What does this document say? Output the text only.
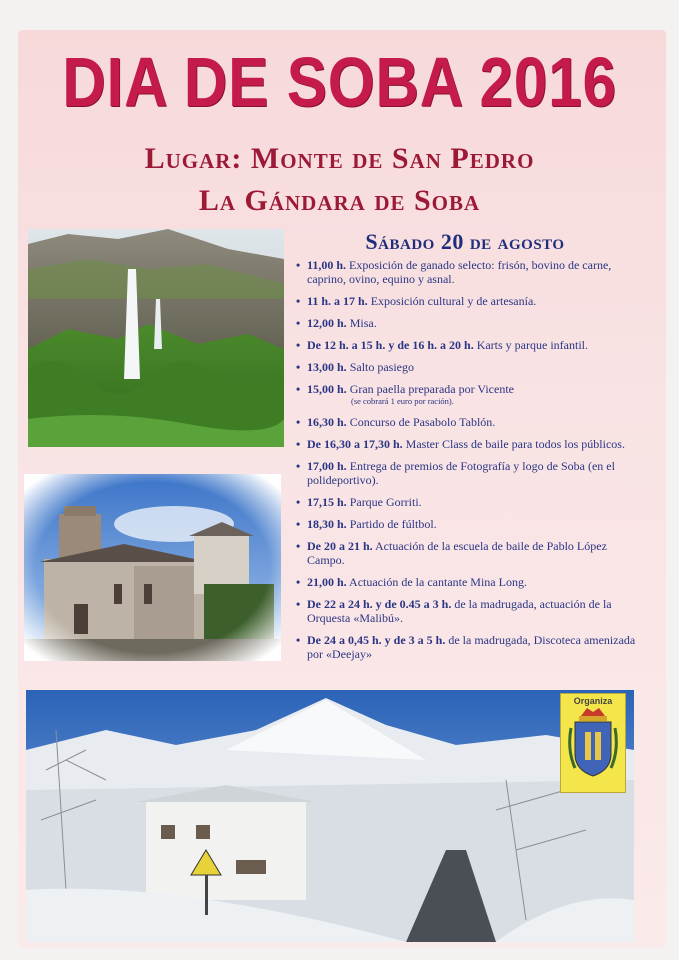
DIA DE SOBA 2016
Lugar: Monte de San Pedro
La Gándara de Soba
Organiza
Sábado 20 de agosto
• 11,00 h. Exposición de ganado selecto: frisón, bovino de carne, caprino, ovino, equino y asnal.
• 11 h. a 17 h. Exposición cultural y de artesanía.
• 12,00 h. Misa.
• De 12 h. a 15 h. y de 16 h. a 20 h. Karts y parque infantil.
• 13,00 h. Salto pasiego
• 15,00 h. Gran paella preparada por Vicente
(se cobrará 1 euro por ración).
• 16,30 h. Concurso de Pasabolo Tablón.
• De 16,30 a 17,30 h. Master Class de baile para todos los públicos.
• 17,00 h. Entrega de premios de Fotografía y logo de Soba (en el polideportivo).
• 17,15 h. Parque Gorriti.
• 18,30 h. Partido de fúltbol.
• De 20 a 21 h. Actuación de la escuela de baile de Pablo López Campo.
• 21,00 h. Actuación de la cantante Mina Long.
• De 22 a 24 h. y de 0.45 a 3 h. de la madrugada, actuación de la Orquesta «Malibú».
• De 24 a 0,45 h. y de 3 a 5 h. de la madrugada, Discoteca amenizada por «Deejay»
